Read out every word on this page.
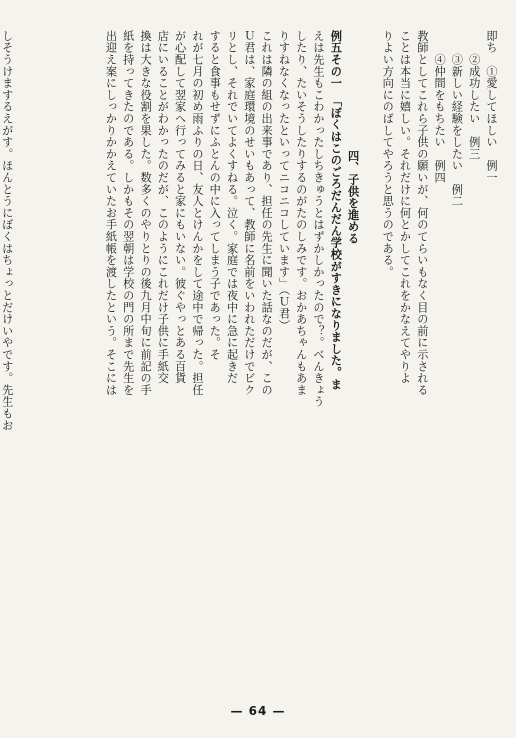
即ち　①愛してほしい　例一
　　②成功したい　例三
　　③新しい経験をしたい　例二
　　④仲間をもちたい　例四
教師としてこれら子供の願いが、何のてらいもなく目の前に示される
ことは本当に嬉しい。それだけに何とかしてこれをかなえてやりよ
りよい方向にのばしてやろうと思うのである。
四、子供を進める
例五その一　「ぼくはこのごろだんだん学校がすきになりました。ま
えは先生もこわかったしちきゅうとはずかしかったので？。べんきょう
したり、たいそうしたりするのがたのしみです。おかあちゃんもあま
りすねなくなったといってニコニコしています」（Ｕ君）
これは隣の組の出来事であり、担任の先生に聞いた話なのだが、この
Ｕ君は、家庭環境のせいもあって、教師に名前をいわれただけでビク
リとし、それでいてよくすねる。泣く。家庭では夜中に急に起きだ
すると食事もせずにふとんの中に入ってしまう子であった。そ
れが七月の初め雨ふりの日、友人とけんかをして途中で帰った。担任
が心配して翌家へ行ってみると家にもいない。彼ぐやっとある百貨
店にいることがわかったのだが、このようにこれだけ子供に手紙交
換は大きな役割を果した。数多くのやりとりの後九月中旬に前記の手
紙を持ってきたのである。しかもその翌朝は学校の門の所まで先生を
出迎え案にしっかりかかえていたお手紙帳を渡したという。そこには
しそうけまするえがす。ほんとうにぼくはちょっとだけいやです。先生もお
— 64 —
